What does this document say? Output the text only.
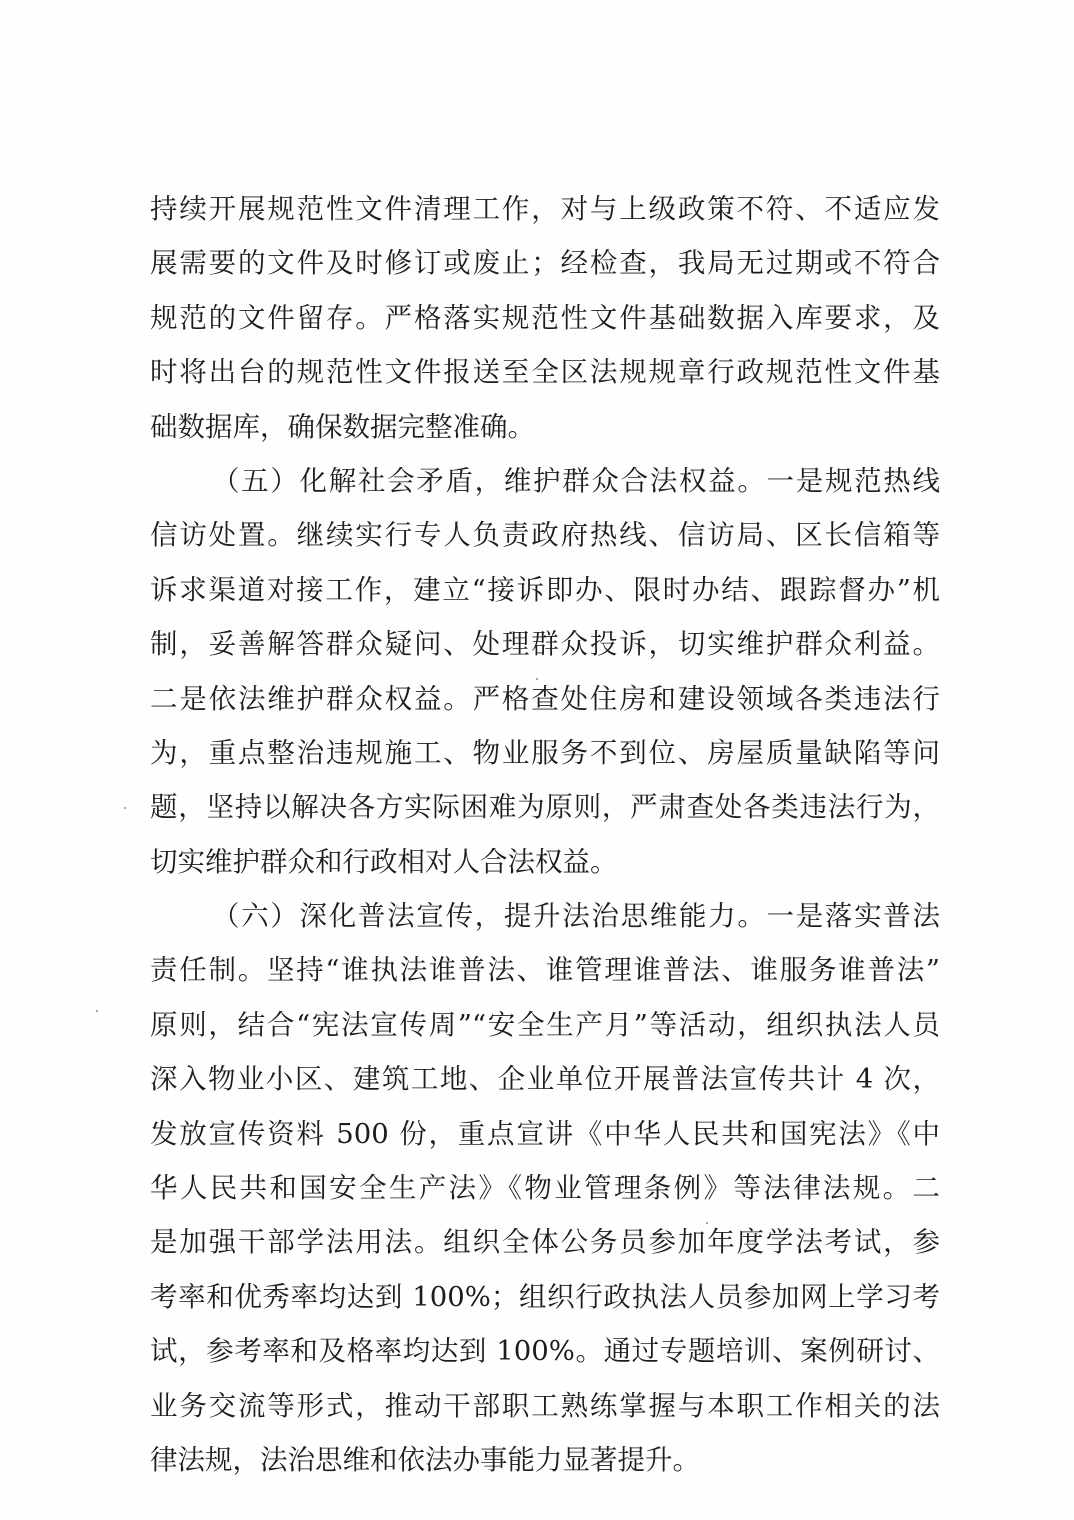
持续开展规范性文件清理工作，对与上级政策不符、不适应发
展需要的文件及时修订或废止；经检查，我局无过期或不符合
规范的文件留存。严格落实规范性文件基础数据入库要求，及
时将出台的规范性文件报送至全区法规规章行政规范性文件基
础数据库，确保数据完整准确。
（五）化解社会矛盾，维护群众合法权益。一是规范热线
信访处置。继续实行专人负责政府热线、信访局、区长信箱等
诉求渠道对接工作，建立“接诉即办、限时办结、跟踪督办”机
制，妥善解答群众疑问、处理群众投诉，切实维护群众利益。
二是依法维护群众权益。严格查处住房和建设领域各类违法行
为，重点整治违规施工、物业服务不到位、房屋质量缺陷等问
题，坚持以解决各方实际困难为原则，严肃查处各类违法行为，
切实维护群众和行政相对人合法权益。
（六）深化普法宣传，提升法治思维能力。一是落实普法
责任制。坚持“谁执法谁普法、谁管理谁普法、谁服务谁普法”
原则，结合“宪法宣传周”“安全生产月”等活动，组织执法人员
深入物业小区、建筑工地、企业单位开展普法宣传共计 4 次，
发放宣传资料 500 份，重点宣讲《中华人民共和国宪法》《中
华人民共和国安全生产法》《物业管理条例》等法律法规。二
是加强干部学法用法。组织全体公务员参加年度学法考试，参
考率和优秀率均达到 100%；组织行政执法人员参加网上学习考
试，参考率和及格率均达到 100%。通过专题培训、案例研讨、
业务交流等形式，推动干部职工熟练掌握与本职工作相关的法
律法规，法治思维和依法办事能力显著提升。
